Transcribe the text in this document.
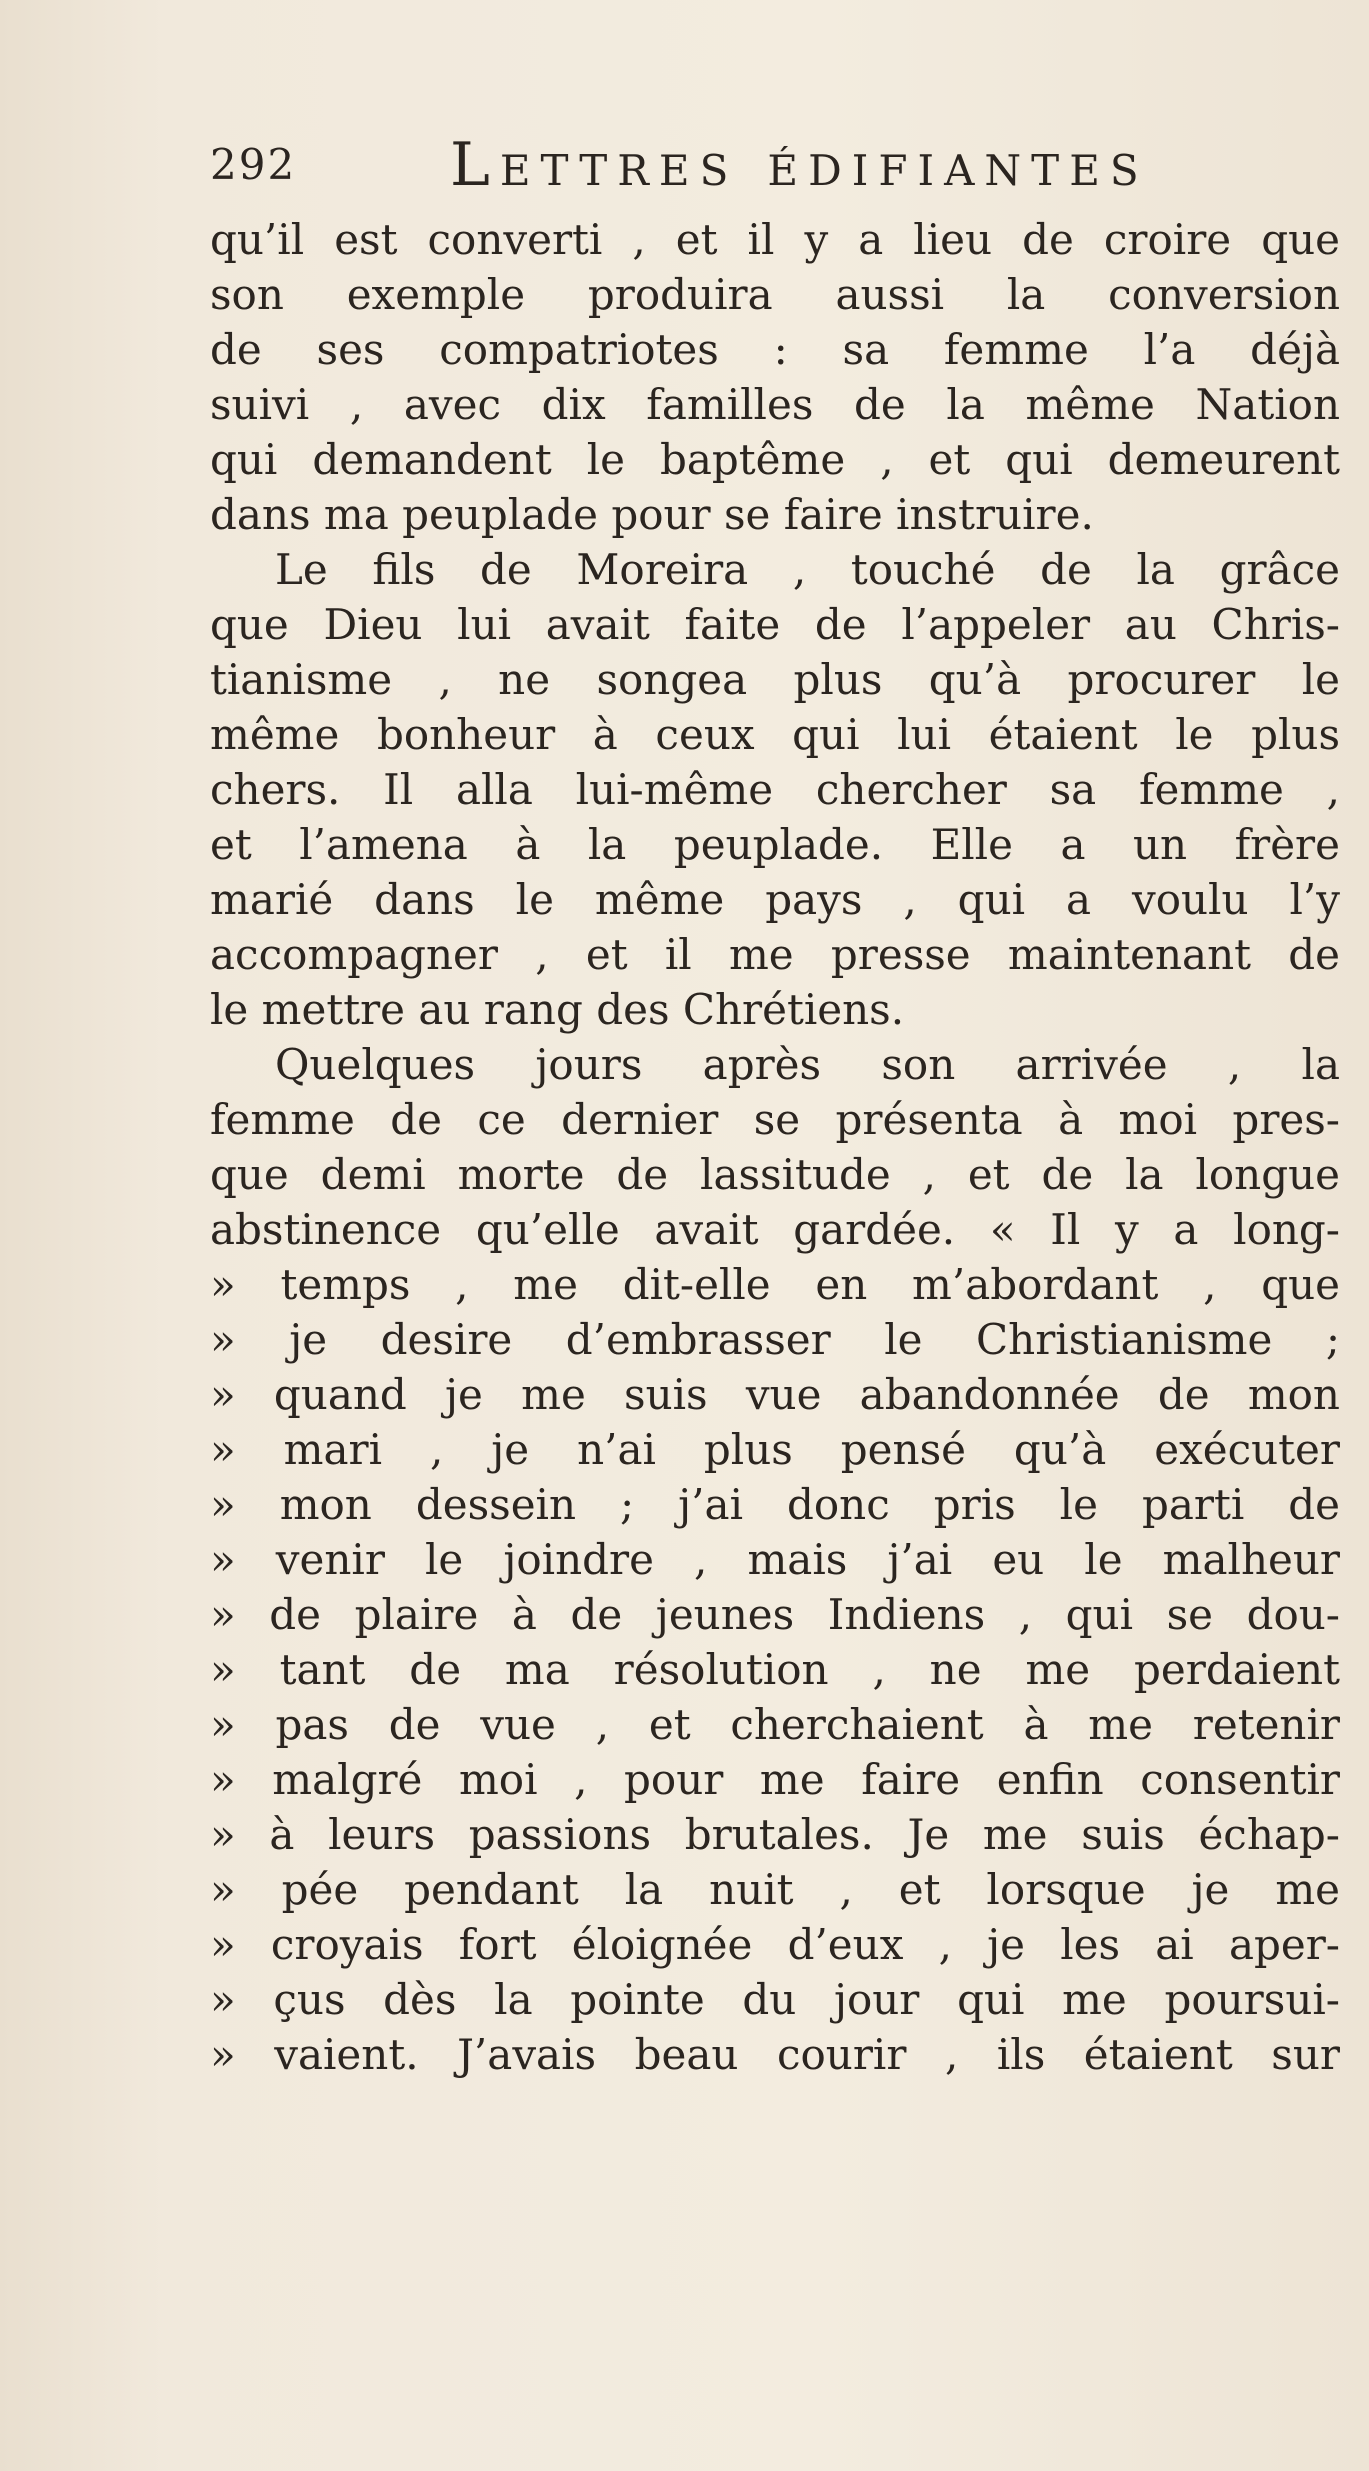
292	Lettres édifiantes
qu’il est converti , et il y a lieu de croire que
son exemple produira aussi la conversion
de ses compatriotes : sa femme l’a déjà
suivi , avec dix familles de la même Nation
qui demandent le baptême , et qui demeurent
dans ma peuplade pour se faire instruire.
Le fils de Moreira , touché de la grâce
que Dieu lui avait faite de l’appeler au Chris-
tianisme , ne songea plus qu’à procurer le
même bonheur à ceux qui lui étaient le plus
chers. Il alla lui-même chercher sa femme ,
et l’amena à la peuplade. Elle a un frère
marié dans le même pays , qui a voulu l’y
accompagner , et il me presse maintenant de
le mettre au rang des Chrétiens.
Quelques jours après son arrivée , la
femme de ce dernier se présenta à moi pres-
que demi morte de lassitude , et de la longue
abstinence qu’elle avait gardée. « Il y a long-
» temps , me dit-elle en m’abordant , que
» je desire d’embrasser le Christianisme ;
» quand je me suis vue abandonnée de mon
» mari , je n’ai plus pensé qu’à exécuter
» mon dessein ; j’ai donc pris le parti de
» venir le joindre , mais j’ai eu le malheur
» de plaire à de jeunes Indiens , qui se dou-
» tant de ma résolution , ne me perdaient
» pas de vue , et cherchaient à me retenir
» malgré moi , pour me faire enfin consentir
» à leurs passions brutales. Je me suis échap-
» pée pendant la nuit , et lorsque je me
» croyais fort éloignée d’eux , je les ai aper-
» çus dès la pointe du jour qui me poursui-
» vaient. J’avais beau courir , ils étaient sur
